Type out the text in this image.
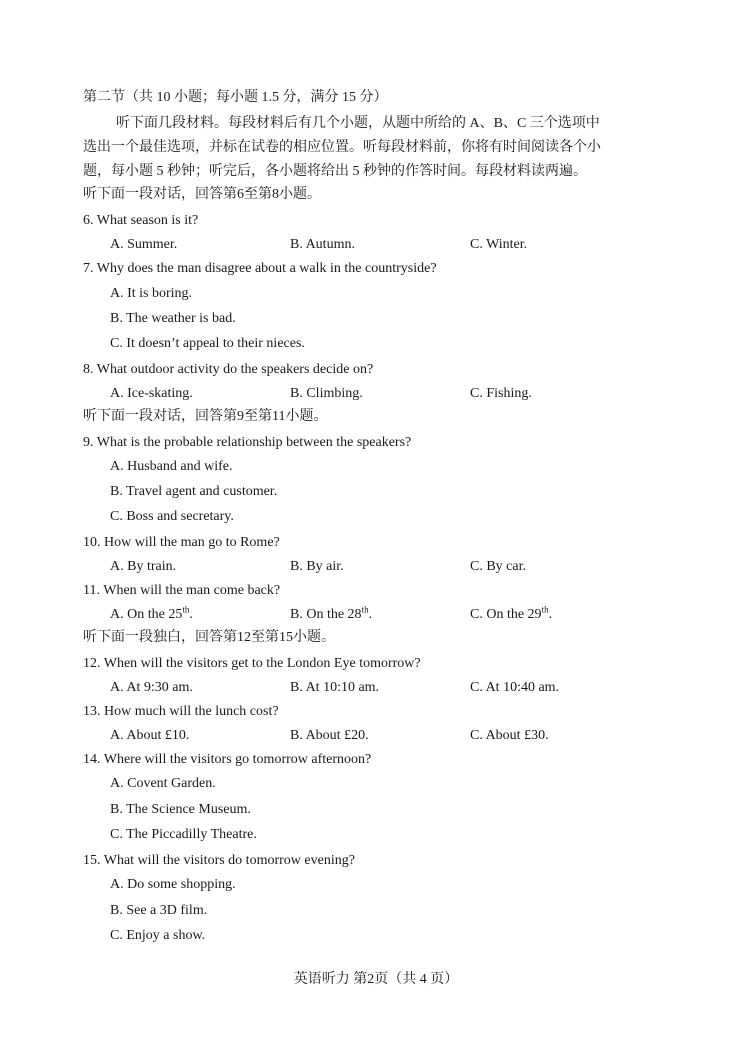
第二节（共 10 小题；每小题 1.5 分，满分 15 分）
听下面几段材料。每段材料后有几个小题，从题中所给的 A、B、C 三个选项中
选出一个最佳选项，并标在试卷的相应位置。听每段材料前，你将有时间阅读各个小
题，每小题 5 秒钟；听完后，各小题将给出 5 秒钟的作答时间。每段材料读两遍。
听下面一段对话，回答第6至第8小题。
6. What season is it?
A. Summer.	B. Autumn.	C. Winter.
7. Why does the man disagree about a walk in the countryside?
A. It is boring.
B. The weather is bad.
C. It doesn’t appeal to their nieces.
8. What outdoor activity do the speakers decide on?
A. Ice-skating.	B. Climbing.	C. Fishing.
听下面一段对话，回答第9至第11小题。
9. What is the probable relationship between the speakers?
A. Husband and wife.
B. Travel agent and customer.
C. Boss and secretary.
10. How will the man go to Rome?
A. By train.	B. By air.	C. By car.
11. When will the man come back?
A. On the 25th.	B. On the 28th.	C. On the 29th.
听下面一段独白，回答第12至第15小题。
12. When will the visitors get to the London Eye tomorrow?
A. At 9:30 am.	B. At 10:10 am.	C. At 10:40 am.
13. How much will the lunch cost?
A. About £10.	B. About £20.	C. About £30.
14. Where will the visitors go tomorrow afternoon?
A. Covent Garden.
B. The Science Museum.
C. The Piccadilly Theatre.
15. What will the visitors do tomorrow evening?
A. Do some shopping.
B. See a 3D film.
C. Enjoy a show.
英语听力 第2页（共 4 页）
